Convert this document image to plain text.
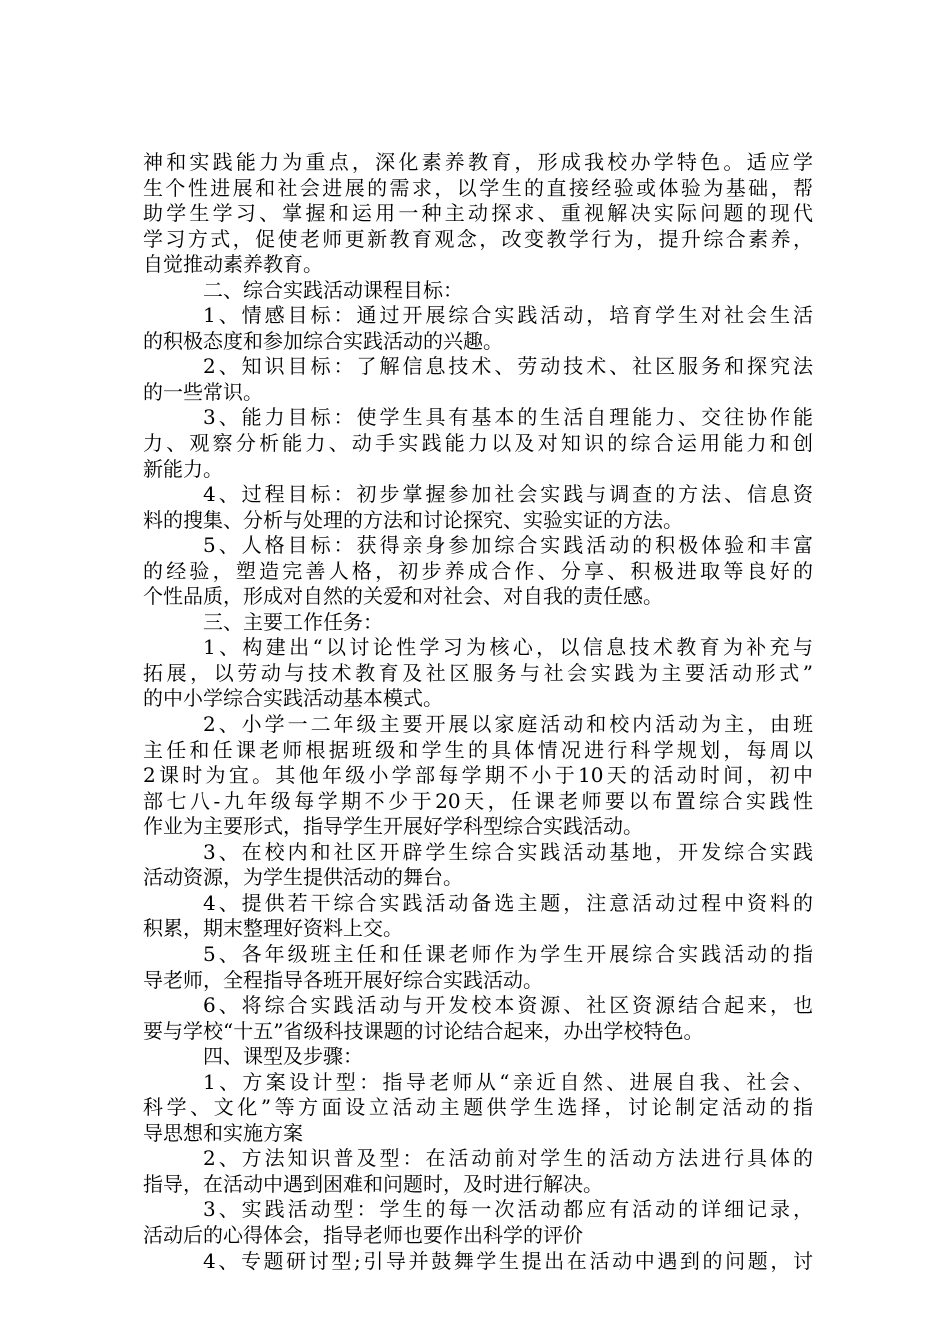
神和实践能力为重点，深化素养教育，形成我校办学特色。适应学
生个性进展和社会进展的需求，以学生的直接经验或体验为基础，帮
助学生学习、掌握和运用一种主动探求、重视解决实际问题的现代
学习方式，促使老师更新教育观念，改变教学行为，提升综合素养，
自觉推动素养教育。
二、综合实践活动课程目标：
1、情感目标：通过开展综合实践活动，培育学生对社会生活
的积极态度和参加综合实践活动的兴趣。
2、知识目标：了解信息技术、劳动技术、社区服务和探究法
的一些常识。
3、能力目标：使学生具有基本的生活自理能力、交往协作能
力、观察分析能力、动手实践能力以及对知识的综合运用能力和创
新能力。
4、过程目标：初步掌握参加社会实践与调查的方法、信息资
料的搜集、分析与处理的方法和讨论探究、实验实证的方法。
5、人格目标：获得亲身参加综合实践活动的积极体验和丰富
的经验，塑造完善人格，初步养成合作、分享、积极进取等良好的
个性品质，形成对自然的关爱和对社会、对自我的责任感。
三、主要工作任务：
1、构建出“以讨论性学习为核心，以信息技术教育为补充与
拓展，以劳动与技术教育及社区服务与社会实践为主要活动形式”
的中小学综合实践活动基本模式。
2、小学一二年级主要开展以家庭活动和校内活动为主，由班
主任和任课老师根据班级和学生的具体情况进行科学规划，每周以
2课时为宜。其他年级小学部每学期不小于10天的活动时间，初中
部七八-九年级每学期不少于20天，任课老师要以布置综合实践性
作业为主要形式，指导学生开展好学科型综合实践活动。
3、在校内和社区开辟学生综合实践活动基地，开发综合实践
活动资源，为学生提供活动的舞台。
4、提供若干综合实践活动备选主题，注意活动过程中资料的
积累，期末整理好资料上交。
5、各年级班主任和任课老师作为学生开展综合实践活动的指
导老师，全程指导各班开展好综合实践活动。
6、将综合实践活动与开发校本资源、社区资源结合起来，也
要与学校“十五”省级科技课题的讨论结合起来，办出学校特色。
四、课型及步骤：
1、方案设计型：指导老师从“亲近自然、进展自我、社会、
科学、文化”等方面设立活动主题供学生选择，讨论制定活动的指
导思想和实施方案
2、方法知识普及型：在活动前对学生的活动方法进行具体的
指导，在活动中遇到困难和问题时，及时进行解决。
3、实践活动型：学生的每一次活动都应有活动的详细记录，
活动后的心得体会，指导老师也要作出科学的评价
4、专题研讨型;引导并鼓舞学生提出在活动中遇到的问题，讨
